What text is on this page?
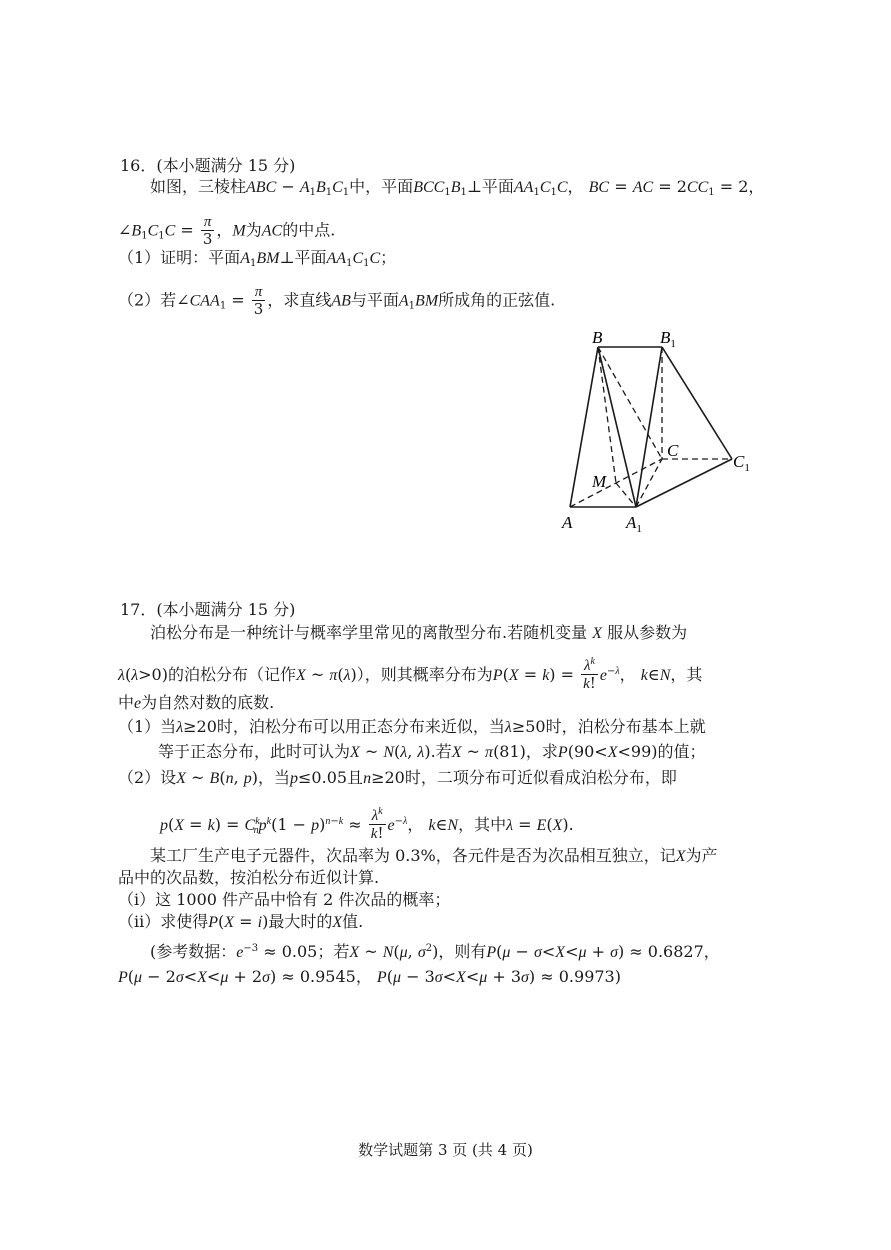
16．(本小题满分 15 分)
如图，三棱柱ABC − $A_1B_1C_1$中，平面$BCC_1B_1\perp$平面$AA_1C_1C$， BC = AC = $2CC_1 = 2$，
$\angle B_1C_1C = \frac{\pi}{3}$ ，M为AC的中点.
（1）证明：平面$A_1BM\perp$平面$AA_1C_1C$；
（2）若$\angle CAA_1 = \frac{\pi}{3}$ ，求直线AB与平面$A_1BM$所成角的正弦值.
B	$B_1$
C
$C_1$
M
A	$A_1$
17．(本小题满分 15 分)
泊松分布是一种统计与概率学里常见的离散型分布.若随机变量 X 服从参数为
λ(λ>0)的泊松分布（记作X ~ π(λ)），则其概率分布为$P(X = k) = \frac{\lambda^k}{k!} e^{-\lambda}$， k∈N，其
中e为自然对数的底数.
（1）当λ≥20时，泊松分布可以用正态分布来近似，当λ≥50时，泊松分布基本上就
等于正态分布，此时可认为X ~ N(λ, λ).若X ~ π(81)，求P(90<X<99)的值；
（2）设X ~ B(n, p)，当p≤0.05且n≥20时，二项分布可近似看成泊松分布，即
$p(X = k) = C^k_np^k(1 - p)^{n-k} \approx \frac{\lambda^k}{k!} e^{-\lambda}$， k∈N，其中λ = E(X).
某工厂生产电子元器件，次品率为 0.3%，各元件是否为次品相互独立，记X为产
品中的次品数，按泊松分布近似计算.
（i）这 1000 件产品中恰有 2 件次品的概率；
（ii）求使得P(X = i)最大时的X值.
(参考数据：$e^{-3} \approx 0.05$；若X ~ N(μ, $\sigma^2$)，则有P(μ − σ<X<μ + σ) ≈ 0.6827，
P(μ − 2σ<X<μ + 2σ) ≈ 0.9545， P(μ − 3σ<X<μ + 3σ) ≈ 0.9973)
数学试题第 3 页 (共 4 页)
